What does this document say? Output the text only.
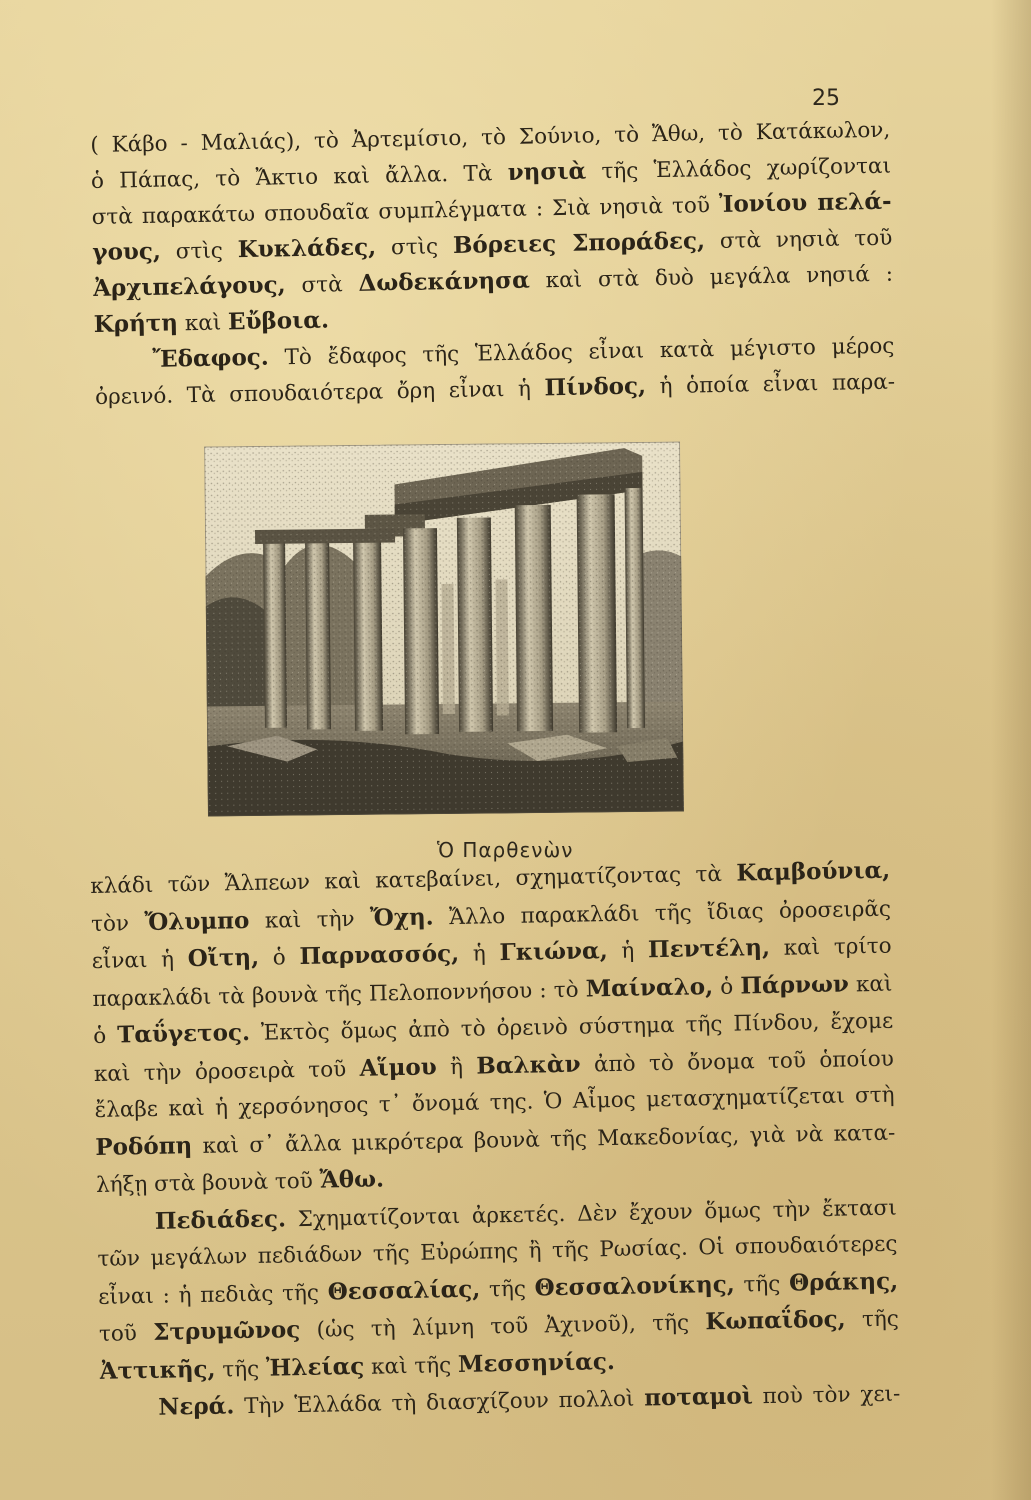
25
( Κάβο - Μαλιάς), τὸ Ἀρτεμίσιο, τὸ Σούνιο, τὸ Ἄθω, τὸ Κατάκωλον,
ὁ Πάπας, τὸ Ἄκτιο καὶ ἄλλα. Τὰ νησιὰ τῆς Ἑλλάδος χωρίζονται
στὰ παρακάτω σπουδαῖα συμπλέγματα : Σιὰ νησιὰ τοῦ Ἰονίου πελά-
γους, στὶς Κυκλάδες, στὶς Βόρειες Σποράδες, στὰ νησιὰ τοῦ
Ἀρχιπελάγους, στὰ Δωδεκάνησα καὶ στὰ δυὸ μεγάλα νησιά :
Κρήτη καὶ Εὔβοια.
Ἔδαφος. Τὸ ἔδαφος τῆς Ἑλλάδος εἶναι κατὰ μέγιστο μέρος
ὀρεινό. Τὰ σπουδαιότερα ὄρη εἶναι ἡ Πίνδος, ἡ ὁποία εἶναι παρα-
Ὁ Παρθενὼν
κλάδι τῶν Ἄλπεων καὶ κατεβαίνει, σχηματίζοντας τὰ Καμβούνια,
τὸν Ὄλυμπο καὶ τὴν Ὄχη. Ἄλλο παρακλάδι τῆς ἴδιας ὀροσειρᾶς
εἶναι ἡ Οἴτη, ὁ Παρνασσός, ἡ Γκιώνα, ἡ Πεντέλη, καὶ τρίτο
παρακλάδι τὰ βουνὰ τῆς Πελοποννήσου : τὸ Μαίναλο, ὁ Πάρνων καὶ
ὁ Ταΰγετος. Ἐκτὸς ὅμως ἀπὸ τὸ ὀρεινὸ σύστημα τῆς Πίνδου, ἔχομε
καὶ τὴν ὀροσειρὰ τοῦ Αἵμου ἢ Βαλκὰν ἀπὸ τὸ ὄνομα τοῦ ὁποίου
ἔλαβε καὶ ἡ χερσόνησος τ᾽ ὄνομά της. Ὁ Αἷμος μετασχηματίζεται στὴ
Ροδόπη καὶ σ᾽ ἄλλα μικρότερα βουνὰ τῆς Μακεδονίας, γιὰ νὰ κατα-
λήξῃ στὰ βουνὰ τοῦ Ἄθω.
Πεδιάδες. Σχηματίζονται ἀρκετές. Δὲν ἔχουν ὅμως τὴν ἔκτασι
τῶν μεγάλων πεδιάδων τῆς Εὐρώπης ἢ τῆς Ρωσίας. Οἱ σπουδαιότερες
εἶναι : ἡ πεδιὰς τῆς Θεσσαλίας, τῆς Θεσσαλονίκης, τῆς Θράκης,
τοῦ Στρυμῶνος (ὡς τὴ λίμνη τοῦ Ἀχινοῦ), τῆς Κωπαΐδος, τῆς
Ἀττικῆς, τῆς Ἠλείας καὶ τῆς Μεσσηνίας.
Νερά. Τὴν Ἑλλάδα τὴ διασχίζουν πολλοὶ ποταμοὶ ποὺ τὸν χει-
